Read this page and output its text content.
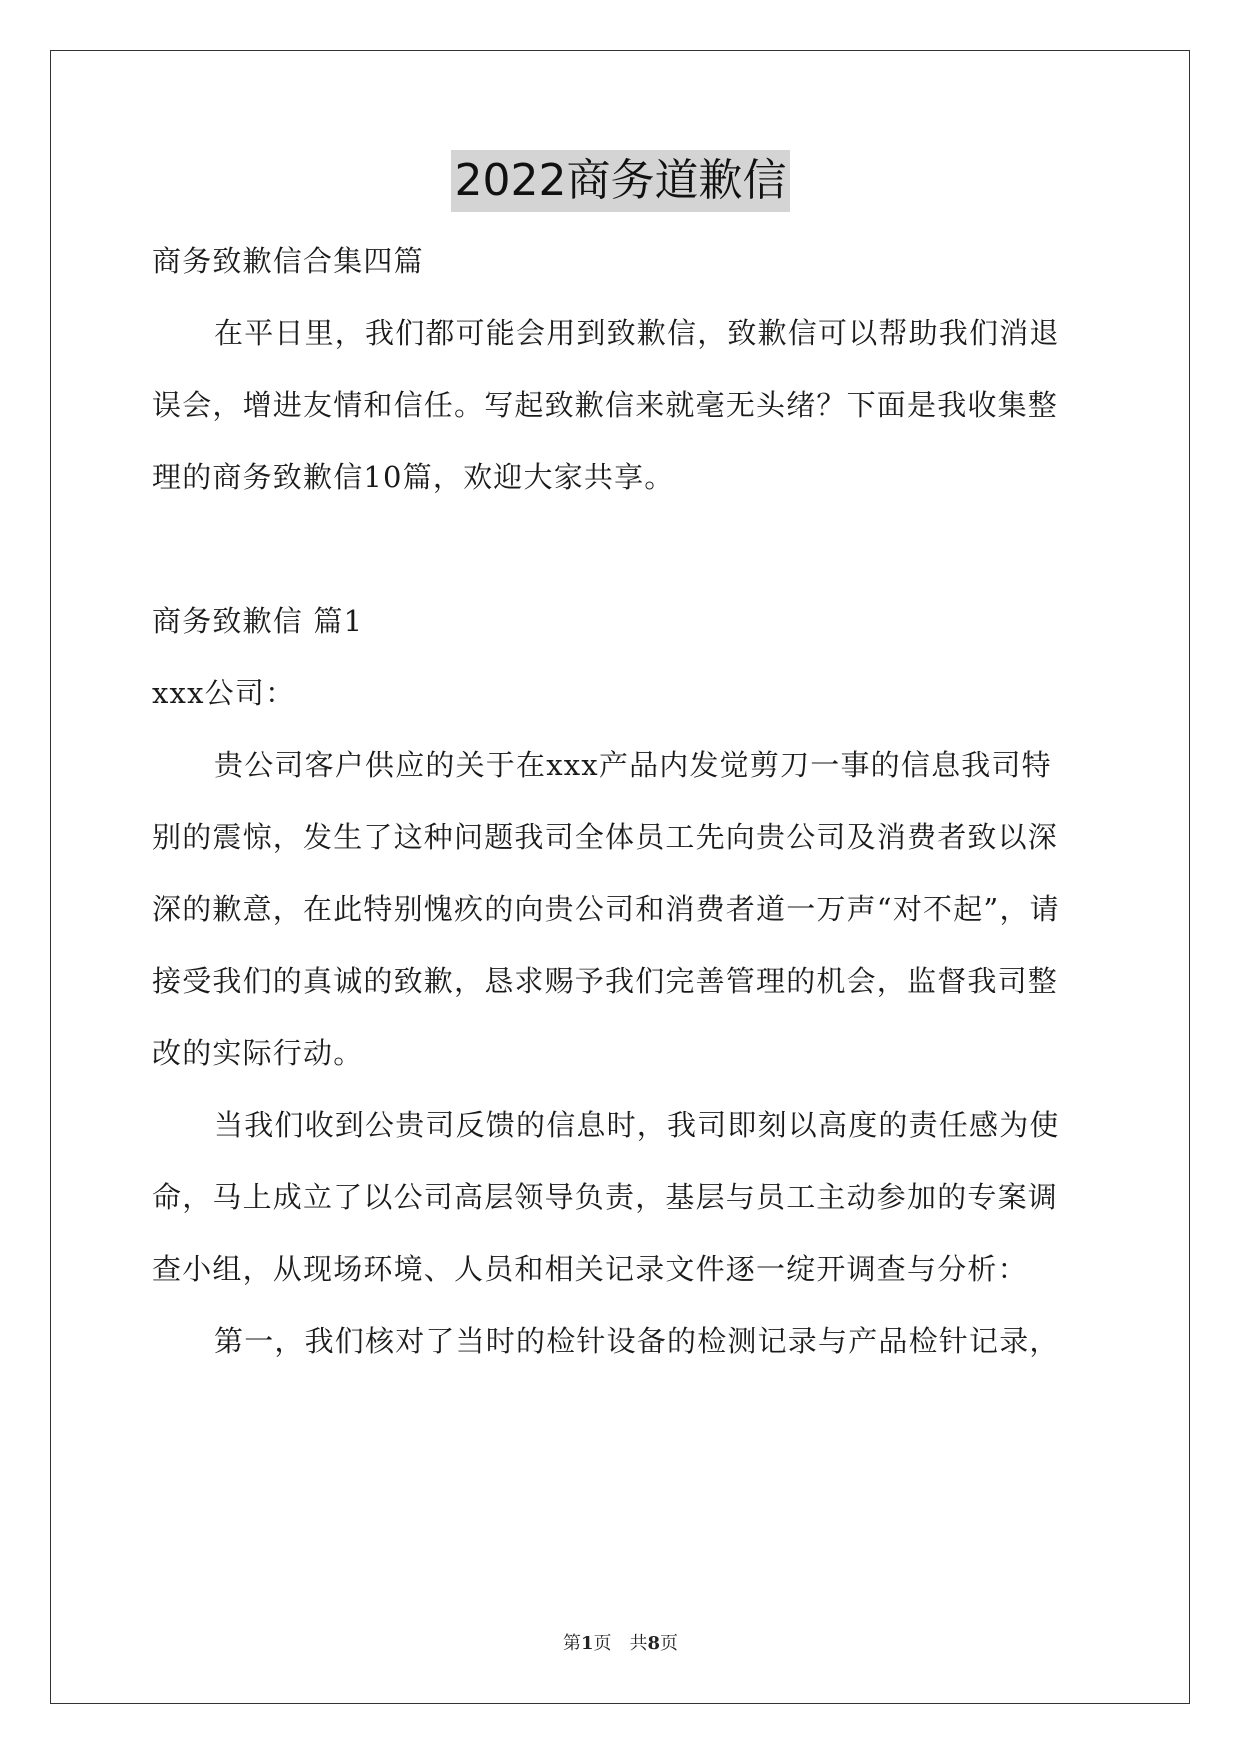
2022商务道歉信
商务致歉信合集四篇
在平日里，我们都可能会用到致歉信，致歉信可以帮助我们消退
误会，增进友情和信任。写起致歉信来就毫无头绪？下面是我收集整
理的商务致歉信10篇，欢迎大家共享。
商务致歉信 篇1
xxx公司：
贵公司客户供应的关于在xxx产品内发觉剪刀一事的信息我司特
别的震惊，发生了这种问题我司全体员工先向贵公司及消费者致以深
深的歉意，在此特别愧疚的向贵公司和消费者道一万声“对不起”，请
接受我们的真诚的致歉，恳求赐予我们完善管理的机会，监督我司整
改的实际行动。
当我们收到公贵司反馈的信息时，我司即刻以高度的责任感为使
命，马上成立了以公司高层领导负责，基层与员工主动参加的专案调
查小组，从现场环境、人员和相关记录文件逐一绽开调查与分析：
第一，我们核对了当时的检针设备的检测记录与产品检针记录，
第1页　共8页
